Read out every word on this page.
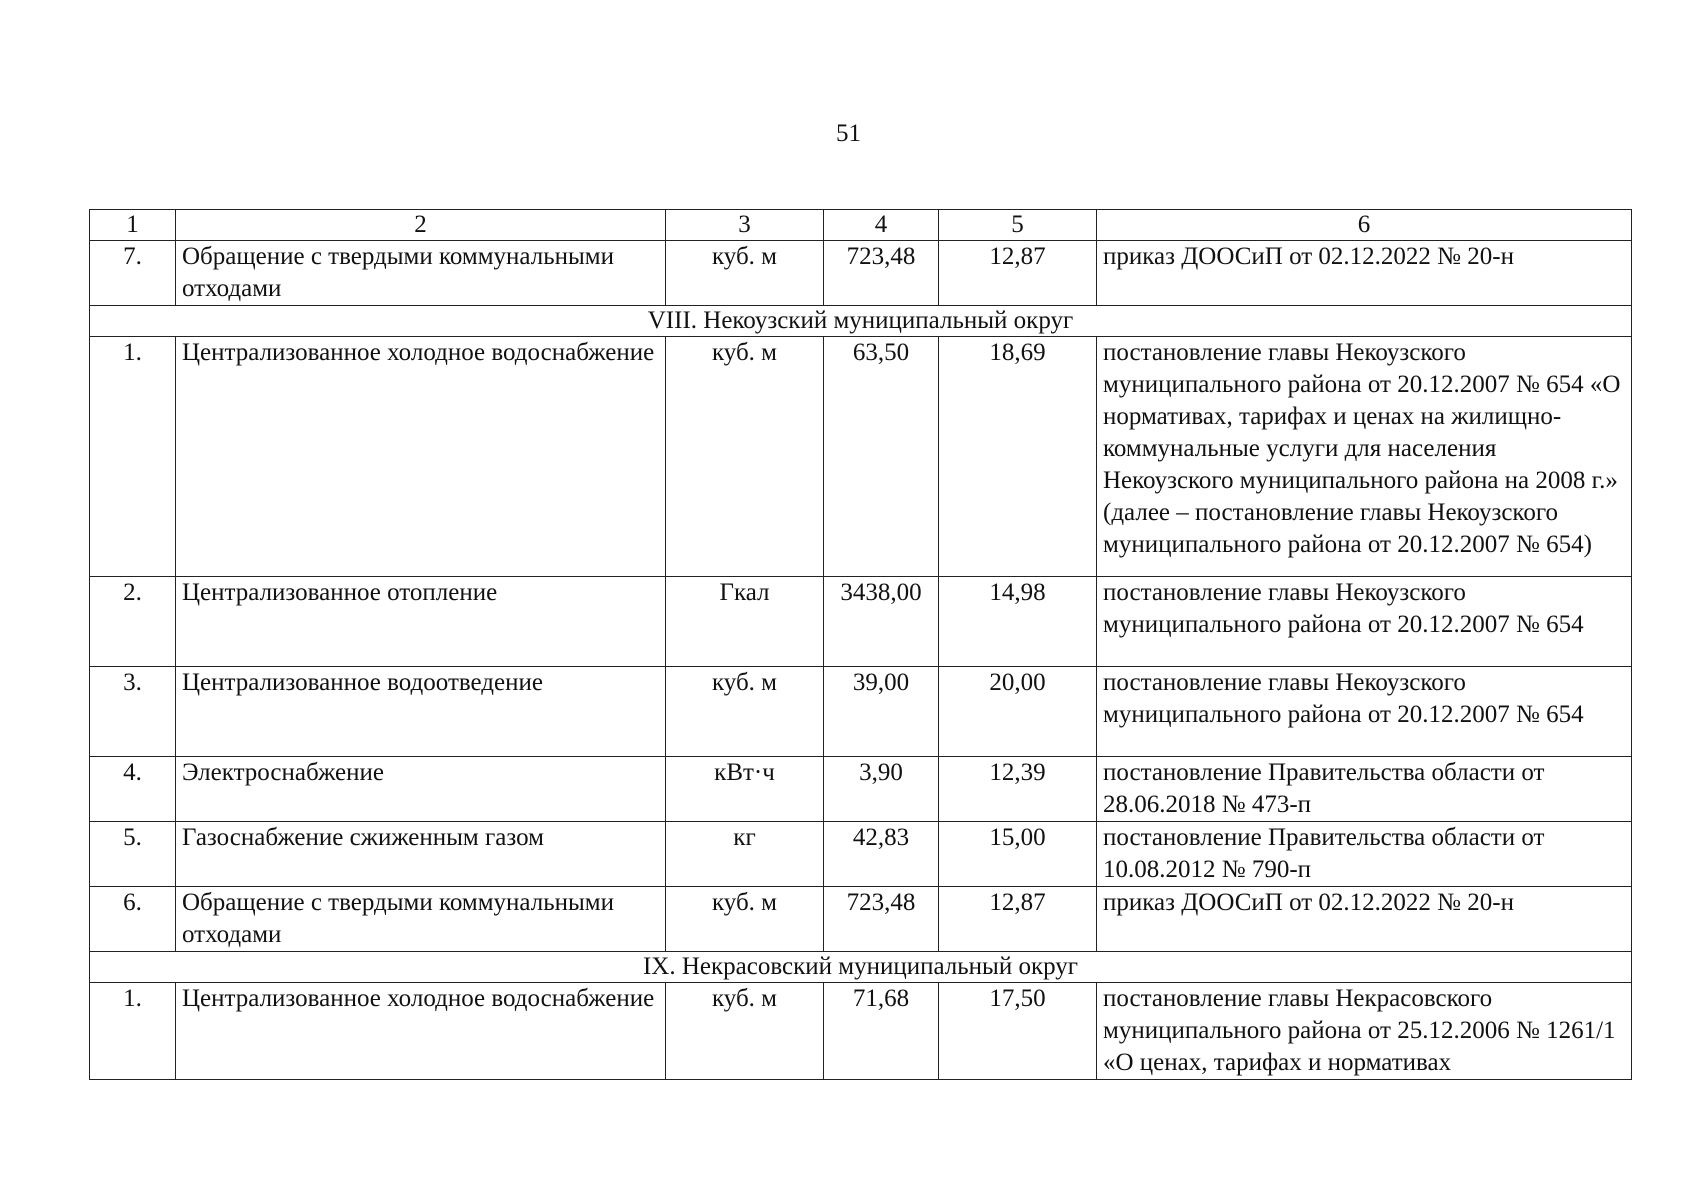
51
1	2	3	4	5	6
7.	Обращение с твердыми коммунальными отходами	куб. м	723,48	12,87	приказ ДООСиП от 02.12.2022 № 20-н
VIII. Некоузский муниципальный округ					
1.	Централизованное холодное водоснабжение	куб. м	63,50	18,69	постановление главы Некоузского муниципального района от 20.12.2007 № 654 «О нормативах, тарифах и ценах на жилищно-коммунальные услуги для населения Некоузского муниципального района на 2008 г.» (далее – постановление главы Некоузского муниципального района от 20.12.2007 № 654)
2.	Централизованное отопление	Гкал	3438,00	14,98	постановление главы Некоузского муниципального района от 20.12.2007 № 654
3.	Централизованное водоотведение	куб. м	39,00	20,00	постановление главы Некоузского муниципального района от 20.12.2007 № 654
4.	Электроснабжение	кВт·ч	3,90	12,39	постановление Правительства области от 28.06.2018 № 473-п
5.	Газоснабжение сжиженным газом	кг	42,83	15,00	постановление Правительства области от 10.08.2012 № 790-п
6.	Обращение с твердыми коммунальными отходами	куб. м	723,48	12,87	приказ ДООСиП от 02.12.2022 № 20-н
IX. Некрасовский муниципальный округ					
1.	Централизованное холодное водоснабжение	куб. м	71,68	17,50	постановление главы Некрасовского муниципального района от 25.12.2006 № 1261/1 «О ценах, тарифах и нормативах
